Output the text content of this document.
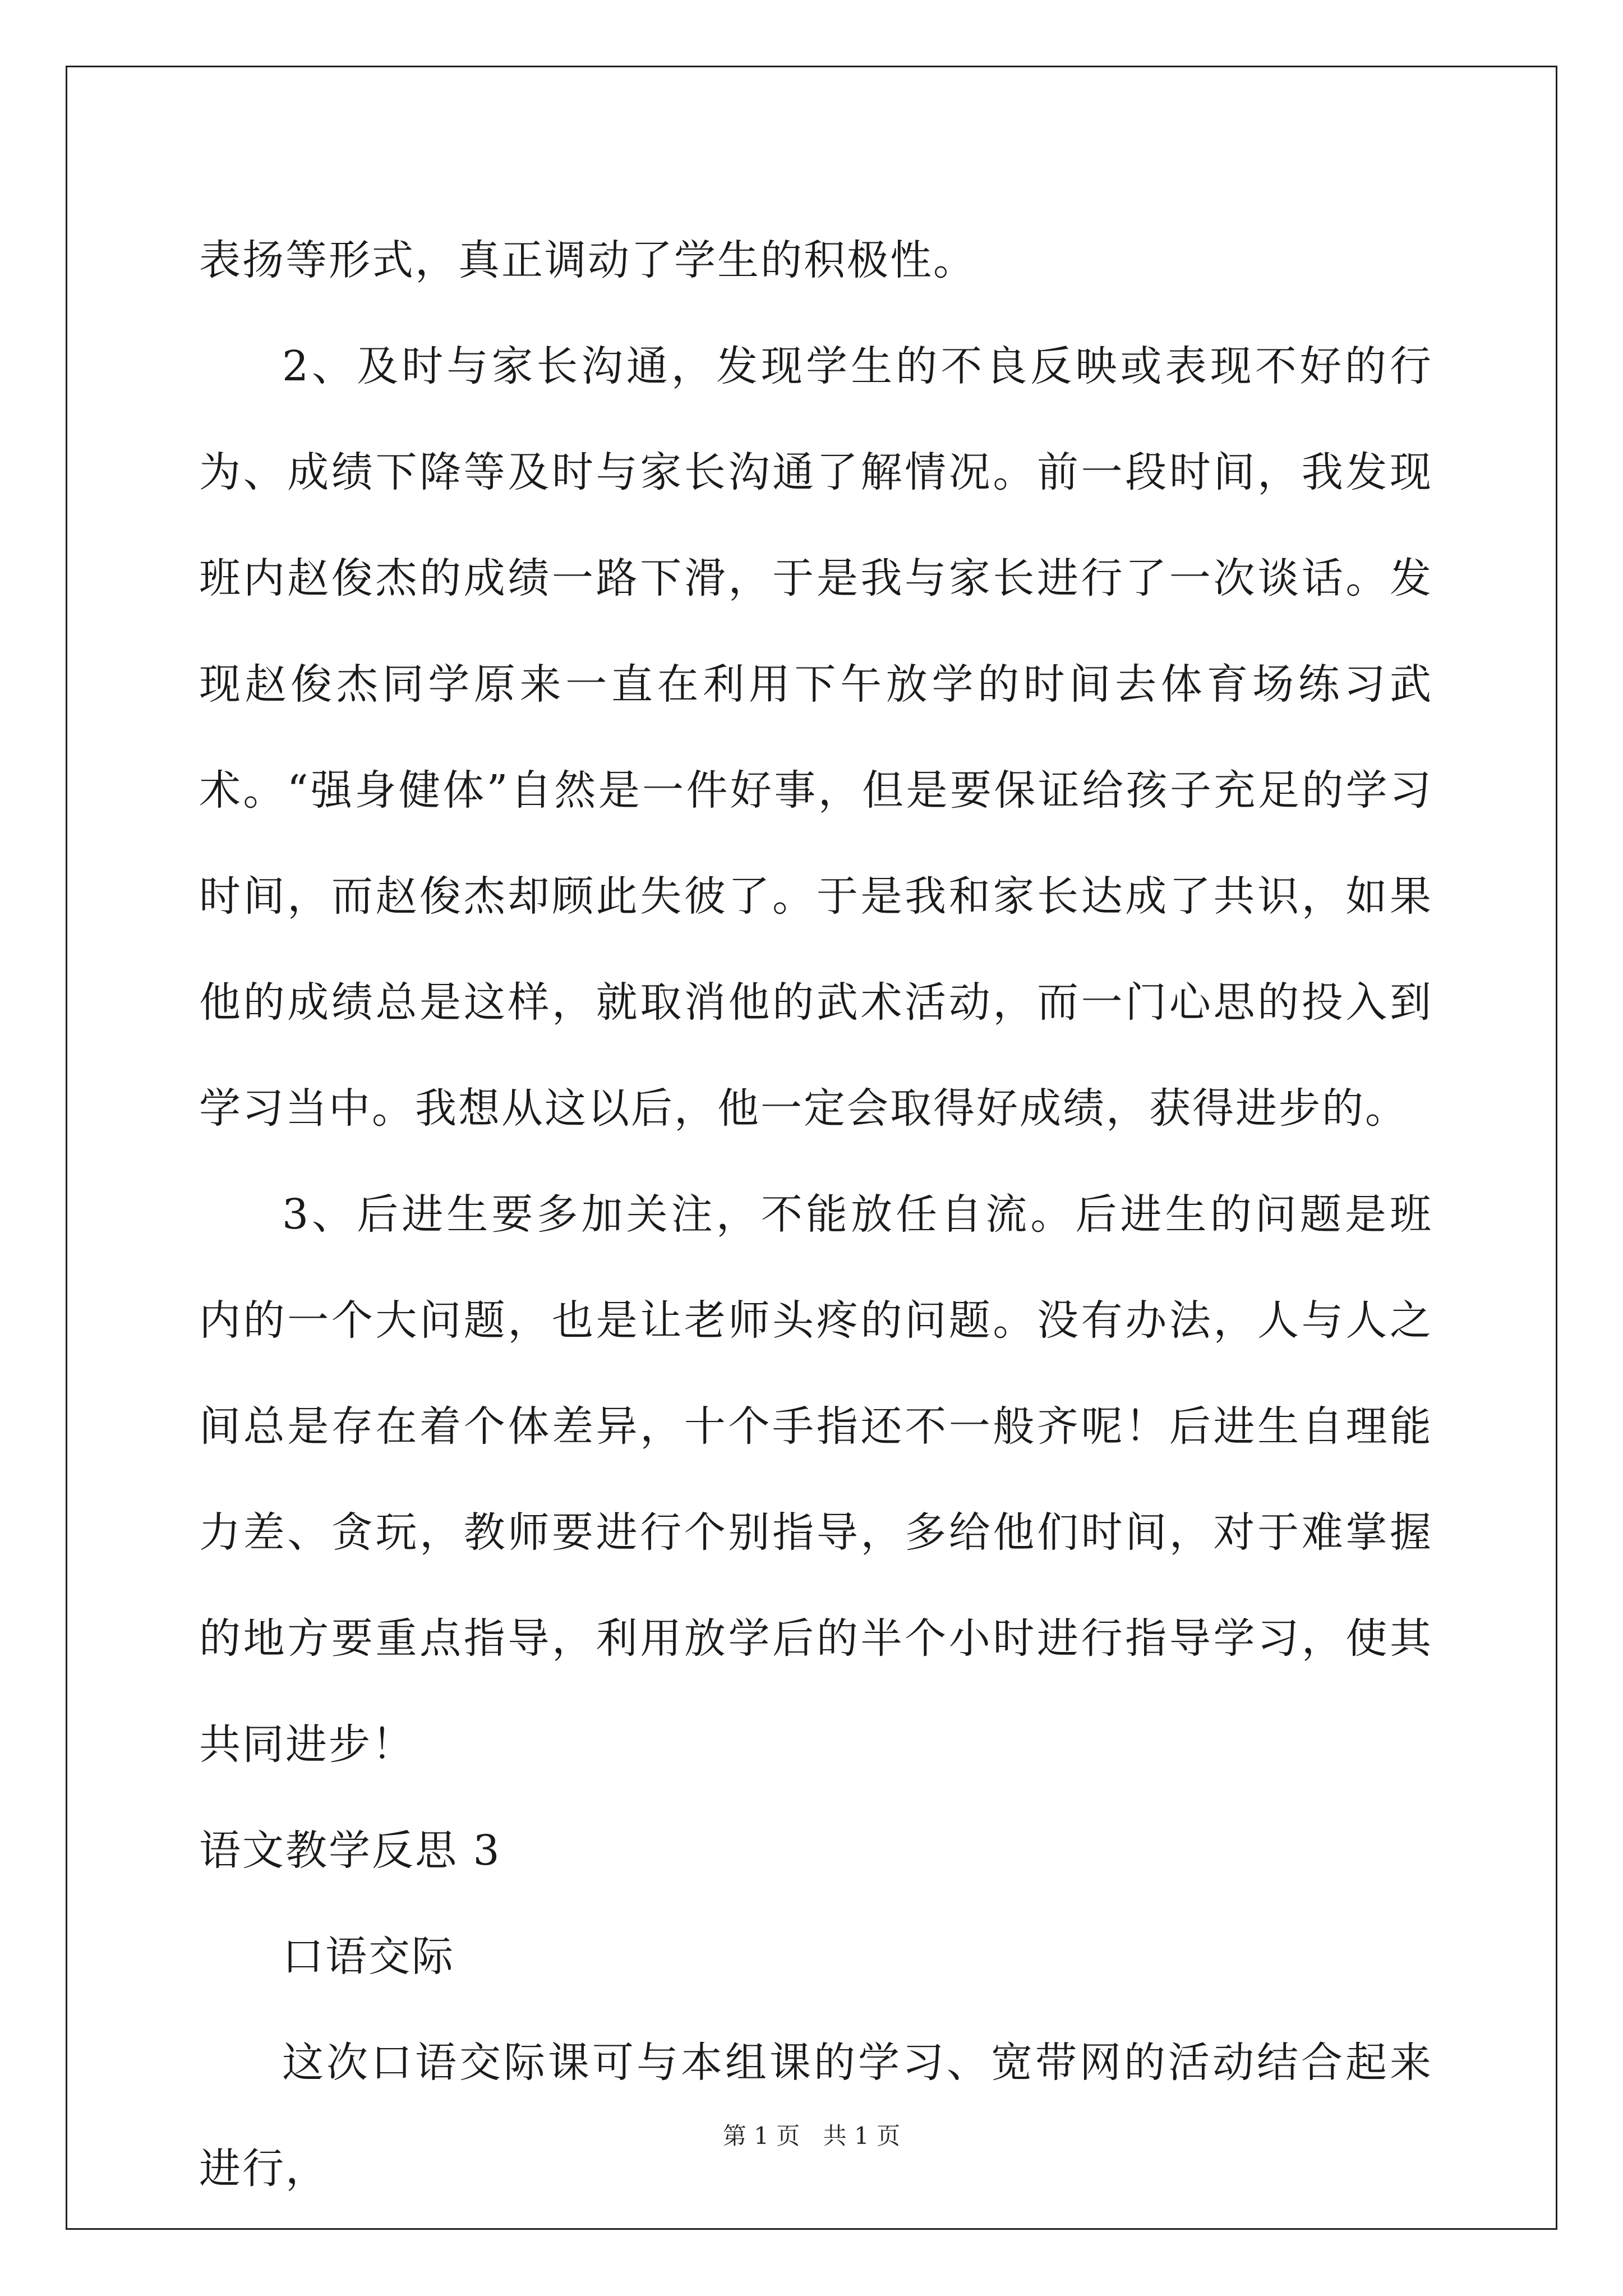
表扬等形式，真正调动了学生的积极性。

2、及时与家长沟通，发现学生的不良反映或表现不好的行为、成绩下降等及时与家长沟通了解情况。前一段时间，我发现班内赵俊杰的成绩一路下滑，于是我与家长进行了一次谈话。发现赵俊杰同学原来一直在利用下午放学的时间去体育场练习武术。“强身健体”自然是一件好事，但是要保证给孩子充足的学习时间，而赵俊杰却顾此失彼了。于是我和家长达成了共识，如果他的成绩总是这样，就取消他的武术活动，而一门心思的投入到学习当中。我想从这以后，他一定会取得好成绩，获得进步的。

3、后进生要多加关注，不能放任自流。后进生的问题是班内的一个大问题，也是让老师头疼的问题。没有办法，人与人之间总是存在着个体差异，十个手指还不一般齐呢！后进生自理能力差、贪玩，教师要进行个别指导，多给他们时间，对于难掌握的地方要重点指导，利用放学后的半个小时进行指导学习，使其共同进步！

语文教学反思 3

口语交际

这次口语交际课可与本组课的学习、宽带网的活动结合起来进行，

第 1 页 共 1 页
